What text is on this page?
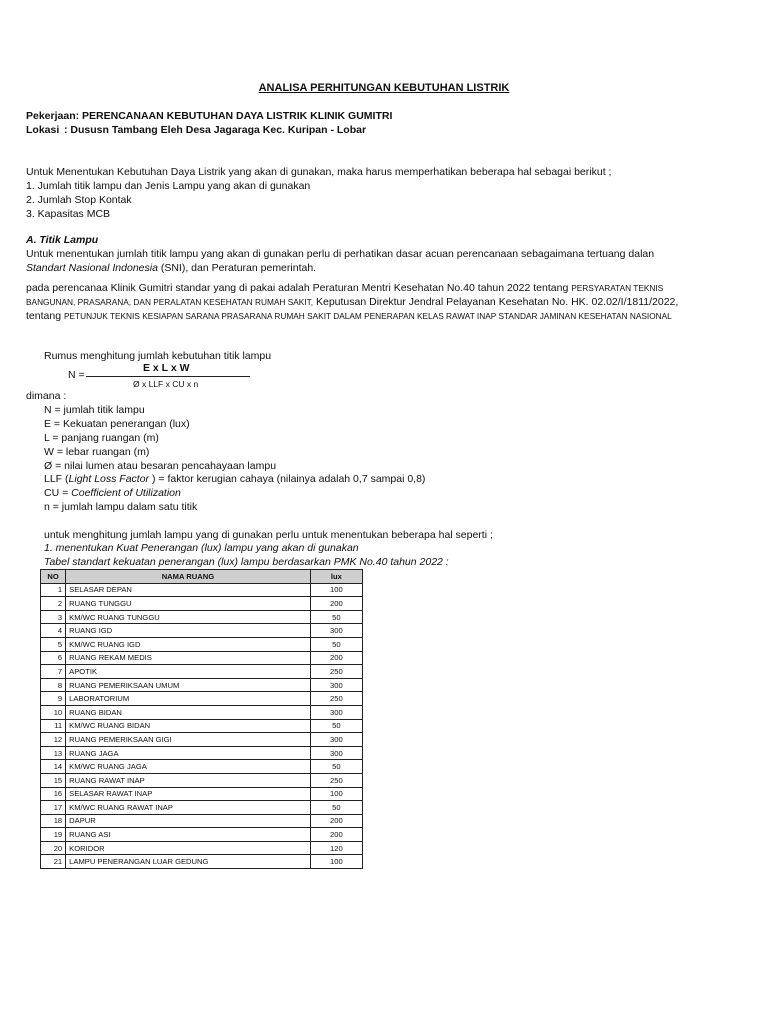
ANALISA PERHITUNGAN KEBUTUHAN LISTRIK
Pekerjaan: PERENCANAAN KEBUTUHAN DAYA LISTRIK KLINIK GUMITRI
Lokasi : Dususn Tambang Eleh Desa Jagaraga Kec. Kuripan - Lobar
Untuk Menentukan Kebutuhan Daya Listrik yang akan di gunakan, maka harus memperhatikan beberapa hal sebagai berikut ;
1. Jumlah titik lampu dan Jenis Lampu yang akan di gunakan
2. Jumlah Stop Kontak
3. Kapasitas MCB
A. Titik Lampu
Untuk menentukan jumlah titik lampu yang akan di gunakan perlu di perhatikan dasar acuan perencanaan sebagaimana tertuang dalan
Standart Nasional Indonesia (SNI), dan Peraturan pemerintah.
pada perencanaa Klinik Gumitri standar yang di pakai adalah Peraturan Mentri Kesehatan No.40 tahun 2022 tentang PERSYARATAN TEKNIS
BANGUNAN, PRASARANA, DAN PERALATAN KESEHATAN RUMAH SAKIT, Keputusan Direktur Jendral Pelayanan Kesehatan No. HK. 02.02/I/1811/2022,
tentang PETUNJUK TEKNIS KESIAPAN SARANA PRASARANA RUMAH SAKIT DALAM PENERAPAN KELAS RAWAT INAP STANDAR JAMINAN KESEHATAN NASIONAL
Rumus menghitung jumlah kebutuhan titik lampu
E x L x W
N =
Ø x LLF x CU x n
dimana :
N = jumlah titik lampu
E = Kekuatan penerangan (lux)
L = panjang ruangan (m)
W = lebar ruangan (m)
Ø = nilai lumen atau besaran pencahayaan lampu
LLF (Light Loss Factor ) = faktor kerugian cahaya (nilainya adalah 0,7 sampai 0,8)
CU = Coefficient of Utilization
n = jumlah lampu dalam satu titik
untuk menghitung jumlah lampu yang di gunakan perlu untuk menentukan beberapa hal seperti ;
1. menentukan Kuat Penerangan (lux) lampu yang akan di gunakan
Tabel standart kekuatan penerangan (lux) lampu berdasarkan PMK No.40 tahun 2022 :
NO	NAMA RUANG	lux
1	SELASAR DEPAN	100
2	RUANG TUNGGU	200
3	KM/WC RUANG TUNGGU	50
4	RUANG IGD	300
5	KM/WC RUANG IGD	50
6	RUANG REKAM MEDIS	200
7	APOTIK	250
8	RUANG PEMERIKSAAN UMUM	300
9	LABORATORIUM	250
10	RUANG BIDAN	300
11	KM/WC RUANG BIDAN	50
12	RUANG PEMERIKSAAN GIGI	300
13	RUANG JAGA	300
14	KM/WC RUANG JAGA	50
15	RUANG RAWAT INAP	250
16	SELASAR RAWAT INAP	100
17	KM/WC RUANG RAWAT INAP	50
18	DAPUR	200
19	RUANG ASI	200
20	KORIDOR	120
21	LAMPU PENERANGAN LUAR GEDUNG	100
